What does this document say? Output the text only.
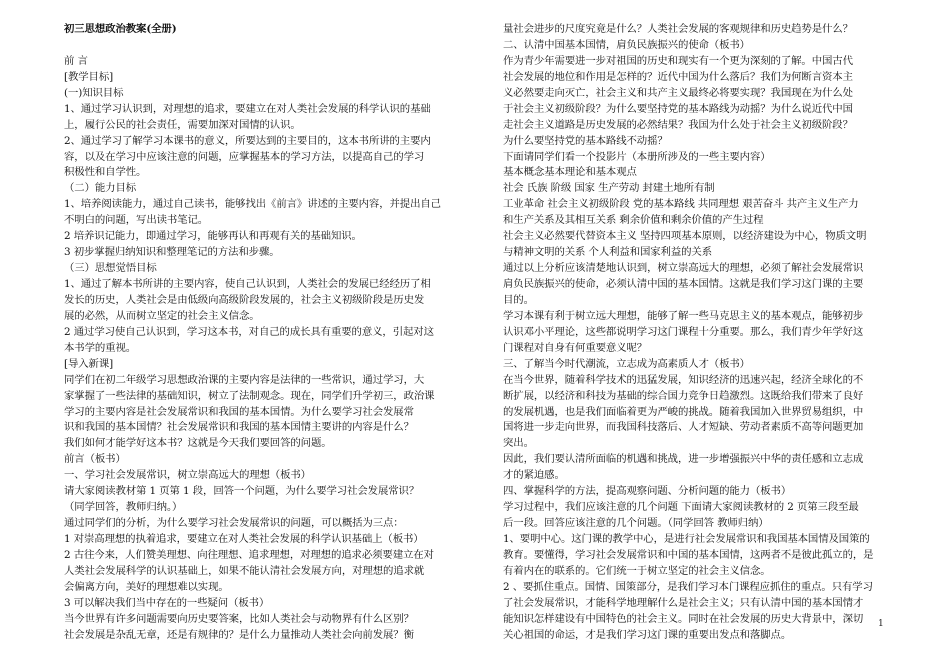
初三思想政治教案(全册)
前 言
[教学目标]
(一)知识目标
1、通过学习认识到，对理想的追求，要建立在对人类社会发展的科学认识的基础
上，履行公民的社会责任，需要加深对国情的认识。
2、通过学习了解学习本课书的意义，所要达到的主要目的，这本书所讲的主要内
容，以及在学习中应该注意的问题，应掌握基本的学习方法，以提高自己的学习
积极性和自学性。
（二）能力目标
1、培养阅读能力，通过自己读书，能够找出《前言》讲述的主要内容，并提出自己
不明白的问题，写出读书笔记。
2 培养识记能力，即通过学习，能够再认和再观有关的基础知识。
3 初步掌握归纳知识和整理笔记的方法和步骤。
（三）思想觉悟目标
1、通过了解本书所讲的主要内容，使自己认识到，人类社会的发展已经经历了相
发长的历史，人类社会是由低级向高级阶段发展的，社会主义初级阶段是历史发
展的必然，从而树立坚定的社会主义信念。
2 通过学习使自己认识到，学习这本书，对自己的成长具有重要的意义，引起对这
本书学的重视。
[导入新课]
同学们在初二年级学习思想政治课的主要内容是法律的一些常识，通过学习，大
家掌握了一些法律的基础知识，树立了法制观念。现在，同学们升学初三，政治课
学习的主要内容是社会发展常识和我国的基本国情。为什么要学习社会发展常
识和我国的基本国情？社会发展常识和我国的基本国情主要讲的内容是什么？
我们如何才能学好这本书？这就是今天我们要回答的问题。
前言（板书）
一、学习社会发展常识，树立崇高远大的理想（板书）
请大家阅读教材第 1 页第 1 段，回答一个问题，为什么要学习社会发展常识？
（同学回答，教师归纳。）
通过同学们的分析，为什么要学习社会发展常识的问题，可以概括为三点：
1 对崇高理想的执着追求，要建立在对人类社会发展的科学认识基础上（板书）
2 古往今来，人们赞美理想、向往理想、追求理想，对理想的追求必须要建立在对
人类社会发展科学的认识基础上，如果不能认清社会发展方向，对理想的追求就
会偏离方向，美好的理想难以实现。
3 可以解决我们当中存在的一些疑问（板书）
当今世界有许多问题需要向历史要答案，比如人类社会与动物界有什么区别？
社会发展是杂乱无章，还是有规律的？是什么力量推动人类社会向前发展？衡
量社会进步的尺度究竟是什么？人类社会发展的客观规律和历史趋势是什么？
二、认清中国基本国情，肩负民族振兴的使命（板书）
作为青少年需要进一步对祖国的历史和现实有一个更为深刻的了解。中国古代
社会发展的地位和作用是怎样的？近代中国为什么落后？我们为何断言资本主
义必然要走向灭亡，社会主义和共产主义最终必将要实现？我国现在为什么处
于社会主义初级阶段？为什么要坚持党的基本路线为动摇？为什么说近代中国
走社会主义道路是历史发展的必然结果？我国为什么处于社会主义初级阶段？
为什么要坚持党的基本路线不动摇？
下面请同学们看一个投影片（本册所涉及的一些主要内容）
基本概念基本理论和基本观点
社会 氏族 阶级 国家 生产劳动 封建土地所有制
工业革命 社会主义初级阶段 党的基本路线 共同理想 艰苦奋斗 共产主义生产力
和生产关系及其相互关系 剩余价值和剩余价值的产生过程
社会主义必然要代替资本主义 坚持四项基本原则，以经济建设为中心，物质文明
与精神文明的关系 个人利益和国家利益的关系
通过以上分析应该清楚地认识到，树立崇高远大的理想，必须了解社会发展常识
肩负民族振兴的使命，必须认清中国的基本国情。这就是我们学习这门课的主要
目的。
学习本课有利于树立远大理想，能够了解一些马克思主义的基本观点，能够初步
认识邓小平理论，这些都说明学习这门课程十分重要。那么，我们青少年学好这
门课程对自身有何重要意义呢？
三、了解当今时代潮流，立志成为高素质人才（板书）
在当今世界，随着科学技术的迅猛发展，知识经济的迅速兴起，经济全球化的不
断扩展，以经济和科技为基础的综合国力竞争日趋激烈。这既给我们带来了良好
的发展机遇，也是我们面临着更为严峻的挑战。随着我国加入世界贸易组织，中
国将进一步走向世界，而我国科技落后、人才短缺、劳动者素质不高等问题更加
突出。
因此，我们要认清所面临的机遇和挑战，进一步增强振兴中华的责任感和立志成
才的紧迫感。
四、掌握科学的方法，提高观察问题、分析问题的能力（板书）
学习过程中，我们应该注意的几个问题 下面请大家阅读教材的 2 页第三段至最
后一段。回答应该注意的几个问题。（同学回答 教师归纳）
1、要明中心。这门课的教学中心，是进行社会发展常识和我国基本国情及国策的
教育。要懂得，学习社会发展常识和中国的基本国情，这两者不是彼此孤立的，是
有着内在的联系的。它们统一于树立坚定的社会主义信念。
2 、要抓住重点。国情、国策部分，是我们学习本门课程应抓住的重点。只有学习
了社会发展常识，才能科学地理解什么是社会主义；只有认清中国的基本国情才
能知识怎样建设有中国特色的社会主义。同时在社会发展的历史大背景中，深切
关心祖国的命运，才是我们学习这门课的重要出发点和落脚点。
1
